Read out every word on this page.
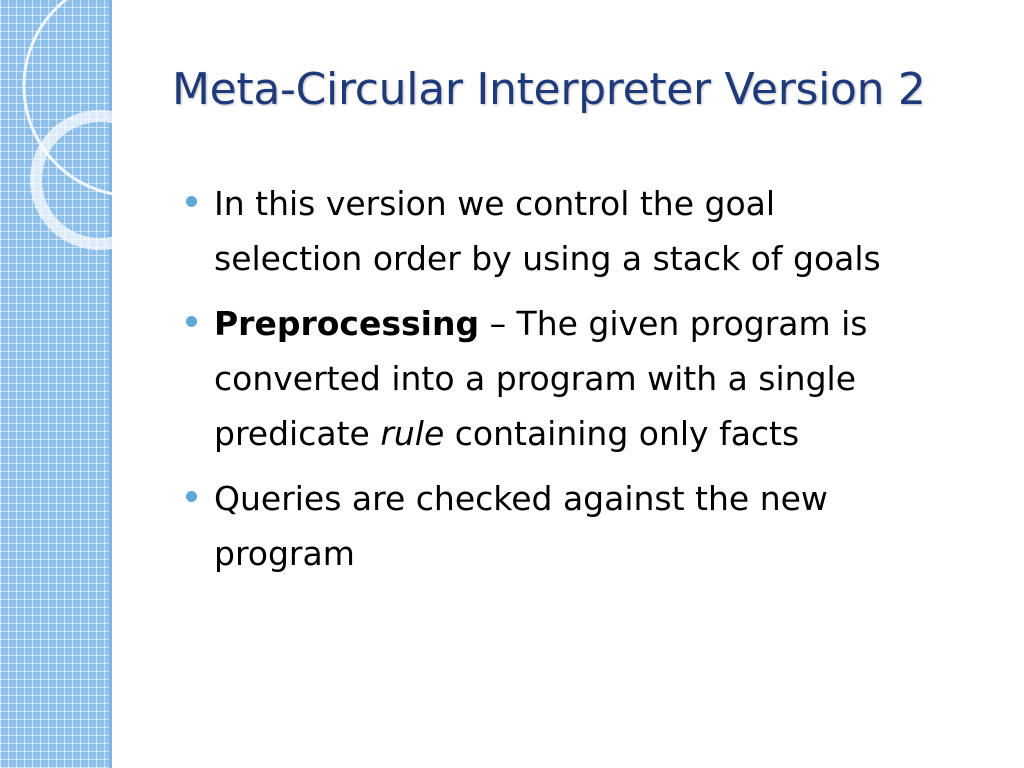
Meta-Circular Interpreter Version 2
In this version we control the goal
selection order by using a stack of goals
Preprocessing – The given program is
converted into a program with a single
predicate rule containing only facts
Queries are checked against the new
program
